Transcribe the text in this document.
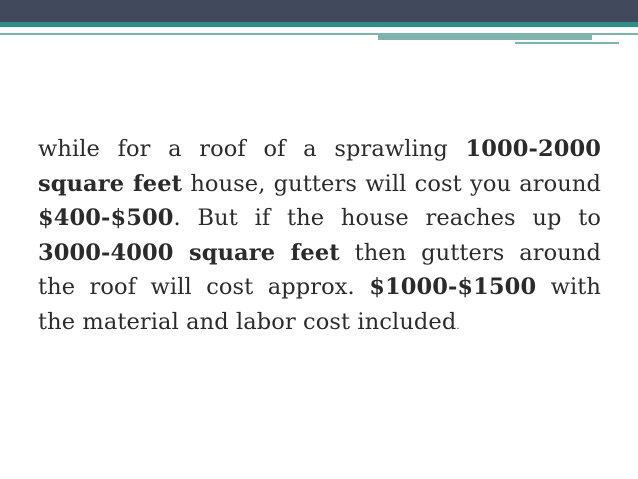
while for a roof of a sprawling 1000-2000 square feet house, gutters will cost you around $400-$500. But if the house reaches up to 3000-4000 square feet then gutters around the roof will cost approx. $1000-$1500 with the material and labor cost included.
